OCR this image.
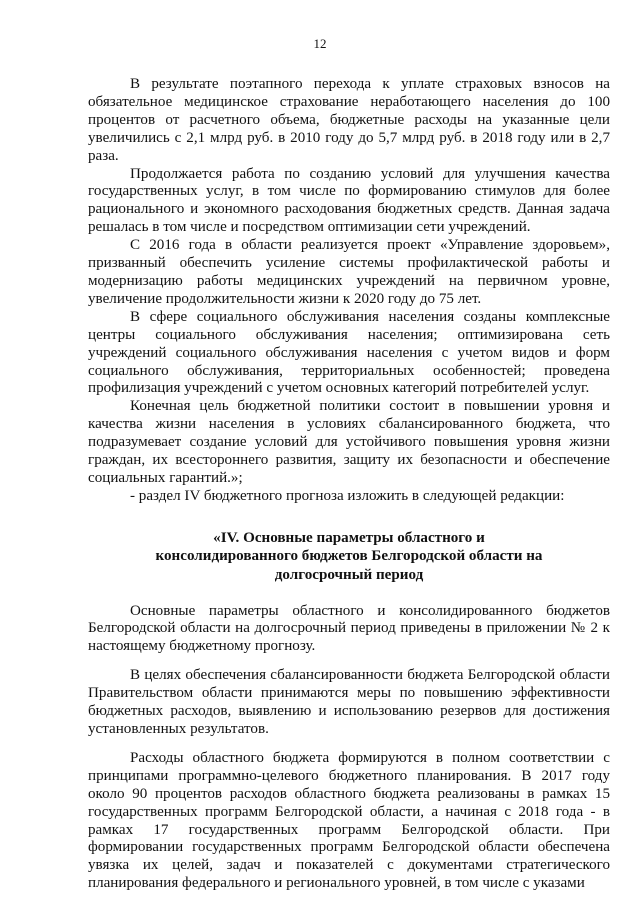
12

В результате поэтапного перехода к уплате страховых взносов на обязательное медицинское страхование неработающего населения до 100 процентов от расчетного объема, бюджетные расходы на указанные цели увеличились с 2,1 млрд руб. в 2010 году до 5,7 млрд руб. в 2018 году или в 2,7 раза.

Продолжается работа по созданию условий для улучшения качества государственных услуг, в том числе по формированию стимулов для более рационального и экономного расходования бюджетных средств. Данная задача решалась в том числе и посредством оптимизации сети учреждений.

С 2016 года в области реализуется проект «Управление здоровьем», призванный обеспечить усиление системы профилактической работы и модернизацию работы медицинских учреждений на первичном уровне, увеличение продолжительности жизни к 2020 году до 75 лет.

В сфере социального обслуживания населения созданы комплексные центры социального обслуживания населения; оптимизирована сеть учреждений социального обслуживания населения с учетом видов и форм социального обслуживания, территориальных особенностей; проведена профилизация учреждений с учетом основных категорий потребителей услуг.

Конечная цель бюджетной политики состоит в повышении уровня и качества жизни населения в условиях сбалансированного бюджета, что подразумевает создание условий для устойчивого повышения уровня жизни граждан, их всестороннего развития, защиту их безопасности и обеспечение социальных гарантий.»;

- раздел IV бюджетного прогноза изложить в следующей редакции:

«IV. Основные параметры областного и
консолидированного бюджетов Белгородской области на
долгосрочный период

Основные параметры областного и консолидированного бюджетов Белгородской области на долгосрочный период приведены в приложении № 2 к настоящему бюджетному прогнозу.

В целях обеспечения сбалансированности бюджета Белгородской области Правительством области принимаются меры по повышению эффективности бюджетных расходов, выявлению и использованию резервов для достижения установленных результатов.

Расходы областного бюджета формируются в полном соответствии с принципами программно-целевого бюджетного планирования. В 2017 году около 90 процентов расходов областного бюджета реализованы в рамках 15 государственных программ Белгородской области, а начиная с 2018 года - в рамках 17 государственных программ Белгородской области. При формировании государственных программ Белгородской области обеспечена увязка их целей, задач и показателей с документами стратегического планирования федерального и регионального уровней, в том числе с указами
